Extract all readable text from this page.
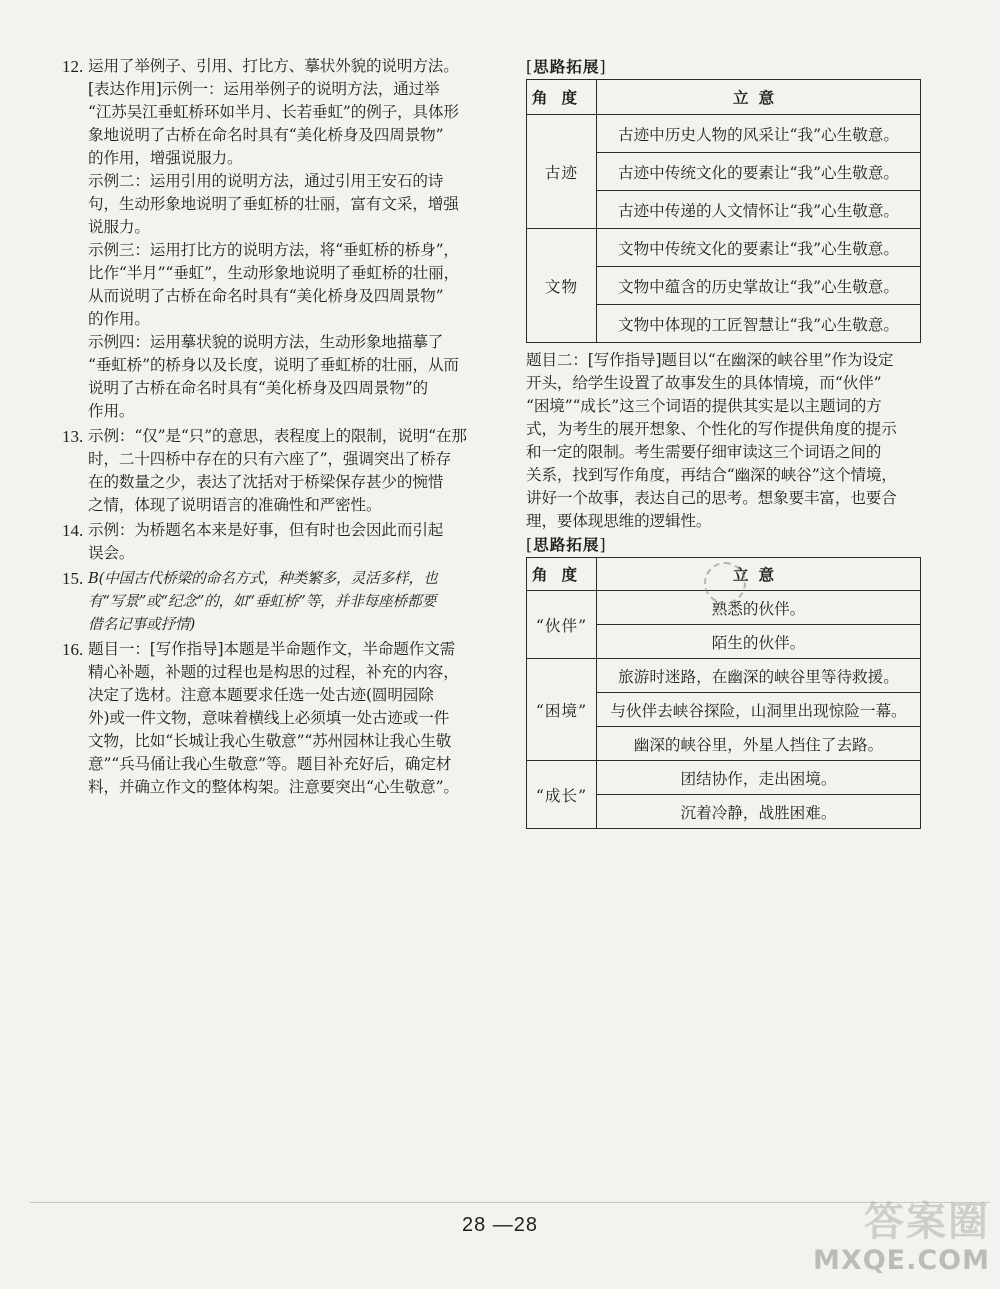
12. 运用了举例子、引用、打比方、摹状外貌的说明方法。
[表达作用]示例一：运用举例子的说明方法，通过举
“江苏吴江垂虹桥环如半月、长若垂虹”的例子，具体形
象地说明了古桥在命名时具有“美化桥身及四周景物”
的作用，增强说服力。
示例二：运用引用的说明方法，通过引用王安石的诗
句，生动形象地说明了垂虹桥的壮丽，富有文采，增强
说服力。
示例三：运用打比方的说明方法，将“垂虹桥的桥身”，
比作“半月”“垂虹”，生动形象地说明了垂虹桥的壮丽，
从而说明了古桥在命名时具有“美化桥身及四周景物”
的作用。
示例四：运用摹状貌的说明方法，生动形象地描摹了
“垂虹桥”的桥身以及长度，说明了垂虹桥的壮丽，从而
说明了古桥在命名时具有“美化桥身及四周景物”的
作用。
13. 示例：“仅”是“只”的意思，表程度上的限制，说明“在那
时，二十四桥中存在的只有六座了”，强调突出了桥存
在的数量之少，表达了沈括对于桥梁保存甚少的惋惜
之情，体现了说明语言的准确性和严密性。
14. 示例：为桥题名本来是好事，但有时也会因此而引起
误会。
15. B(中国古代桥梁的命名方式，种类繁多，灵活多样，也
有“写景”或“纪念”的，如“垂虹桥”等，并非每座桥都要
借名记事或抒情)
16. 题目一：[写作指导]本题是半命题作文，半命题作文需
精心补题，补题的过程也是构思的过程，补充的内容，
决定了选材。注意本题要求任选一处古迹(圆明园除
外)或一件文物，意味着横线上必须填一处古迹或一件
文物，比如“长城让我心生敬意”“苏州园林让我心生敬
意”“兵马俑让我心生敬意”等。题目补充好后，确定材
料，并确立作文的整体构架。注意要突出“心生敬意”。
[思路拓展]
角度	立意
古迹	古迹中历史人物的风采让“我”心生敬意。
	古迹中传统文化的要素让“我”心生敬意。
	古迹中传递的人文情怀让“我”心生敬意。
文物	文物中传统文化的要素让“我”心生敬意。
	文物中蕴含的历史掌故让“我”心生敬意。
	文物中体现的工匠智慧让“我”心生敬意。
题目二：[写作指导]题目以“在幽深的峡谷里”作为设定
开头，给学生设置了故事发生的具体情境，而“伙伴”
“困境”“成长”这三个词语的提供其实是以主题词的方
式，为考生的展开想象、个性化的写作提供角度的提示
和一定的限制。考生需要仔细审读这三个词语之间的
关系，找到写作角度，再结合“幽深的峡谷”这个情境，
讲好一个故事，表达自己的思考。想象要丰富，也要合
理，要体现思维的逻辑性。
[思路拓展]
角度	立意
“伙伴”	熟悉的伙伴。
	陌生的伙伴。
“困境”	旅游时迷路，在幽深的峡谷里等待救援。
	与伙伴去峡谷探险，山洞里出现惊险一幕。
	幽深的峡谷里，外星人挡住了去路。
“成长”	团结协作，走出困境。
	沉着冷静，战胜困难。
28 —28	答案圈
MXQE.COM
